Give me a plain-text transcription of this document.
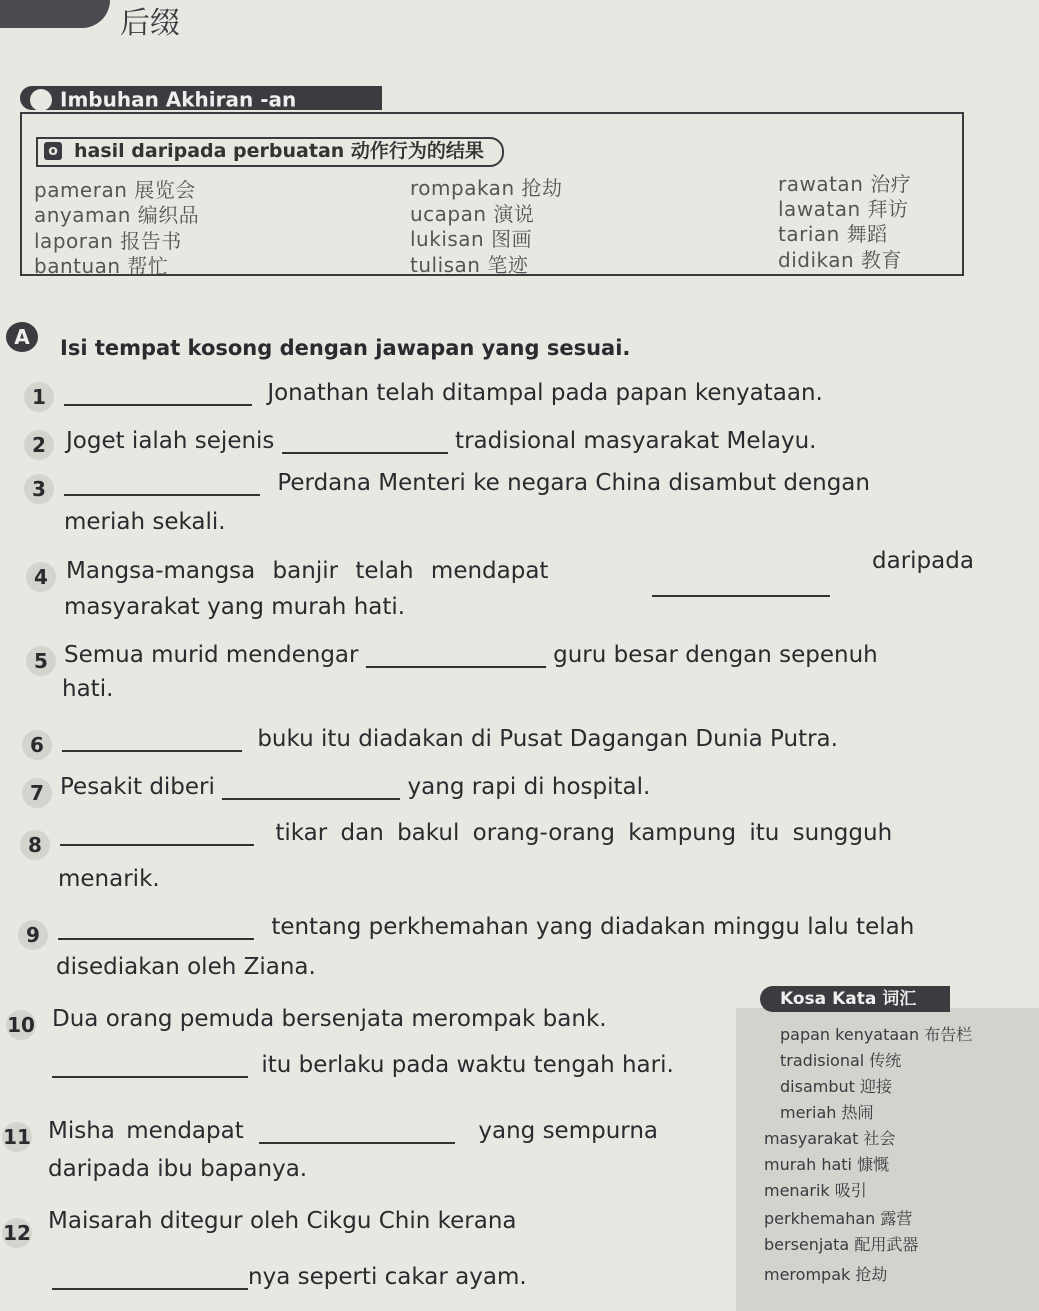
后缀
Imbuhan Akhiran -an
o hasil daripada perbuatan 动作行为的结果
pameran 展览会	rompakan 抢劫	rawatan 治疗
anyaman 编织品	ucapan 演说	lawatan 拜访
laporan 报告书	lukisan 图画	tarian 舞蹈
bantuan 帮忙	tulisan 笔迹	didikan 教育
A	Isi tempat kosong dengan jawapan yang sesuai.
1	Jonathan telah ditampal pada papan kenyataan.
2 Joget ialah sejenis	tradisional masyarakat Melayu.
3	Perdana Menteri ke negara China disambut dengan
meriah sekali.
4 Mangsa-mangsa banjir telah mendapat	daripada
masyarakat yang murah hati.
5 Semua murid mendengar	guru besar dengan sepenuh
hati.
6	buku itu diadakan di Pusat Dagangan Dunia Putra.
7 Pesakit diberi	yang rapi di hospital.
8	tikar dan bakul orang-orang kampung itu sungguh
menarik.
9	tentang perkhemahan yang diadakan minggu lalu telah
disediakan oleh Ziana.
10 Dua orang pemuda bersenjata merompak bank.
itu berlaku pada waktu tengah hari.
11 Misha mendapat	yang sempurna
daripada ibu bapanya.
12 Maisarah ditegur oleh Cikgu Chin kerana
nya seperti cakar ayam.
Kosa Kata 词汇
papan kenyataan 布告栏
tradisional 传统
disambut 迎接
meriah 热闹
masyarakat 社会
murah hati 慷慨
menarik 吸引
perkhemahan 露营
bersenjata 配用武器
merompak 抢劫
